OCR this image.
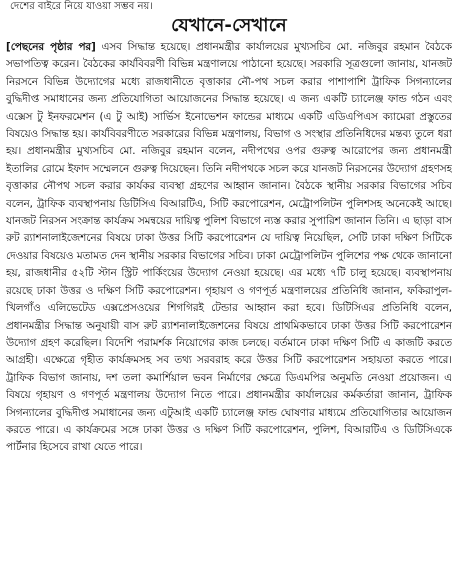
দেশের বাইরে নিয়ে যাওয়া সম্ভব নয়।
যেখানে-সেখানে

[পেছনের পৃষ্ঠার পর] এসব সিদ্ধান্ত হয়েছে। প্রধানমন্ত্রীর কার্যালয়ের মুখ্যসচিব মো. নজিবুর রহমান বৈঠকে সভাপতিত্ব করেন। বৈঠকের কার্যবিবরণী বিভিন্ন মন্ত্রণালয়ে পাঠানো হয়েছে। সরকারি সূত্রগুলো জানায়, যানজট নিরসনে বিভিন্ন উদ্যোগের মধ্যে রাজধানীতে বৃত্তাকার নৌ-পথ সচল করার পাশাপাশি ট্রাফিক সিগন্যালের বুদ্ধিদীপ্ত সমাধানের জন্য প্রতিযোগিতা আয়োজনের সিদ্ধান্ত হয়েছে। এ জন্য একটি চ্যালেঞ্জ ফান্ড গঠন এবং এক্সেস টু ইনফরমেশন (এ টু আই) সার্ভিস ইনোভেশন ফান্ডের মাধ্যমে একটি এডিএপিএস ক্যামেরা প্রস্তুতের বিষয়েও সিদ্ধান্ত হয়। কার্যবিবরণীতে সরকারের বিভিন্ন মন্ত্রণালয়, বিভাগ ও সংস্থার প্রতিনিধিদের মন্তব্য তুলে ধরা হয়। প্রধানমন্ত্রীর মুখ্যসচিব মো. নজিবুর রহমান বলেন, নদীপথের ওপর গুরুত্ব আরোপের জন্য প্রধানমন্ত্রী ইতালির রোমে ইফাদ সম্মেলনে গুরুত্ব দিয়েছেন। তিনি নদীপথকে সচল করে যানজট নিরসনের উদ্যোগ গ্রহণসহ বৃত্তাকার নৌপথ সচল করার কার্যকর ব্যবস্থা গ্রহণের আহ্বান জানান। বৈঠকে স্থানীয় সরকার বিভাগের সচিব বলেন, ট্রাফিক ব্যবস্থাপনায় ডিটিসিএ বিআরটিএ, সিটি করপোরেশন, মেট্রোপলিটন পুলিশসহ অনেকেই আছে। যানজট নিরসন সংক্রান্ত কার্যক্রম সমন্বয়ের দায়িত্ব পুলিশ বিভাগে ন্যস্ত করার সুপারিশ জানান তিনি। এ ছাড়া বাস রুট র‌্যাশনালাইজেশনের বিষয়ে ঢাকা উত্তর সিটি করপোরেশন যে দায়িত্ব নিয়েছিল, সেটি ঢাকা দক্ষিণ সিটিকে দেওয়ার বিষয়েও মতামত দেন স্থানীয় সরকার বিভাগের সচিব। ঢাকা মেট্রোপলিটন পুলিশের পক্ষ থেকে জানানো হয়, রাজধানীর ৫২টি স্টান স্ট্রিট পার্কিংয়ের উদ্যোগ নেওয়া হয়েছে। এর মধ্যে ৭টি চালু হয়েছে। ব্যবস্থাপনায় রয়েছে ঢাকা উত্তর ও দক্ষিণ সিটি করপোরেশন। গৃহায়ণ ও গণপূর্ত মন্ত্রণালয়ের প্রতিনিধি জানান, ফকিরাপুল-খিলগাঁও এলিভেটেড এক্সপ্রেসওয়ের শিগগিরই টেন্ডার আহ্বান করা হবে। ডিটিসিএর প্রতিনিধি বলেন, প্রধানমন্ত্রীর সিদ্ধান্ত অনুযায়ী বাস রুট র‌্যাশনালাইজেশনের বিষয়ে প্রাথমিকভাবে ঢাকা উত্তর সিটি করপোরেশন উদ্যোগ গ্রহণ করেছিল। বিদেশি পরামর্শক নিয়োগের কাজ চলছে। বর্তমানে ঢাকা দক্ষিণ সিটি এ কাজটি করতে আগ্রহী। এক্ষেত্রে গৃহীত কার্যক্রমসহ সব তথ্য সরবরাহ করে উত্তর সিটি করপোরেশন সহায়তা করতে পারে। ট্রাফিক বিভাগ জানায়, দশ তলা কমার্শিয়াল ভবন নির্মাণের ক্ষেত্রে ডিএমপির অনুমতি নেওয়া প্রয়োজন। এ বিষয়ে গৃহায়ণ ও গণপূর্ত মন্ত্রণালয় উদ্যোগ নিতে পারে। প্রধানমন্ত্রীর কার্যালয়ের কর্মকর্তারা জানান, ট্রাফিক সিগন্যালের বুদ্ধিদীপ্ত সমাধানের জন্য এটুআই একটি চ্যালেঞ্জ ফান্ড ঘোষণার মাধ্যমে প্রতিযোগিতার আয়োজন করতে পারে। এ কার্যক্রমের সঙ্গে ঢাকা উত্তর ও দক্ষিণ সিটি করপোরেশন, পুলিশ, বিআরটিএ ও ডিটিসিএকে পার্টনার হিসেবে রাখা যেতে পারে।
